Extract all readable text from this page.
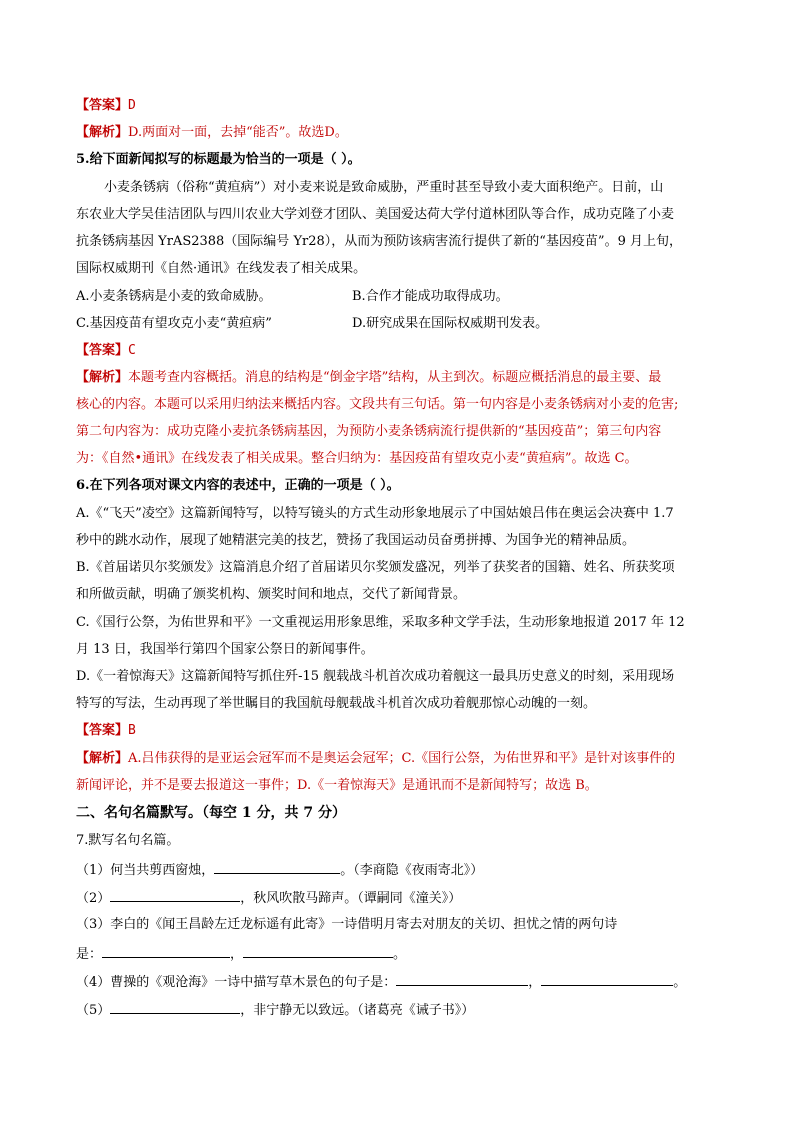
【答案】D
【解析】D.两面对一面，去掉“能否”。故选D。
5.给下面新闻拟写的标题最为恰当的一项是（ ）。
小麦条锈病（俗称“黄疸病”）对小麦来说是致命威胁，严重时甚至导致小麦大面积绝产。日前，山
东农业大学吴佳洁团队与四川农业大学刘登才团队、美国爱达荷大学付道林团队等合作，成功克隆了小麦
抗条锈病基因 YrAS2388（国际编号 Yr28），从而为预防该病害流行提供了新的“基因疫苗”。9 月上旬，
国际权威期刊《自然·通讯》在线发表了相关成果。
A.小麦条锈病是小麦的致命威胁。	B.合作才能成功取得成功。
C.基因疫苗有望攻克小麦“黄疸病”	D.研究成果在国际权威期刊发表。
【答案】C
【解析】本题考查内容概括。消息的结构是“倒金字塔”结构，从主到次。标题应概括消息的最主要、最
核心的内容。本题可以采用归纳法来概括内容。文段共有三句话。第一句内容是小麦条锈病对小麦的危害;
第二句内容为：成功克隆小麦抗条锈病基因，为预防小麦条锈病流行提供新的“基因疫苗”；第三句内容
为：《自然•通讯》在线发表了相关成果。整合归纳为：基因疫苗有望攻克小麦“黄疸病”。故选 C。
6.在下列各项对课文内容的表述中，正确的一项是（ ）。
A.《“飞天”凌空》这篇新闻特写，以特写镜头的方式生动形象地展示了中国姑娘吕伟在奥运会决赛中 1.7
秒中的跳水动作，展现了她精湛完美的技艺，赞扬了我国运动员奋勇拼搏、为国争光的精神品质。
B.《首届诺贝尔奖颁发》这篇消息介绍了首届诺贝尔奖颁发盛况，列举了获奖者的国籍、姓名、所获奖项
和所做贡献，明确了颁奖机构、颁奖时间和地点，交代了新闻背景。
C.《国行公祭，为佑世界和平》一文重视运用形象思维，采取多种文学手法，生动形象地报道 2017 年 12
月 13 日，我国举行第四个国家公祭日的新闻事件。
D.《一着惊海天》这篇新闻特写抓住歼-15 舰载战斗机首次成功着舰这一最具历史意义的时刻，采用现场
特写的写法，生动再现了举世瞩目的我国航母舰载战斗机首次成功着舰那惊心动魄的一刻。
【答案】B
【解析】A.吕伟获得的是亚运会冠军而不是奥运会冠军；C.《国行公祭，为佑世界和平》是针对该事件的
新闻评论，并不是要去报道这一事件；D.《一着惊海天》是通讯而不是新闻特写；故选 B。
二、名句名篇默写。（每空 1 分，共 7 分）
7.默写名句名篇。
（1）何当共剪西窗烛，	。（李商隐《夜雨寄北》）
（2）	，秋风吹散马蹄声。（谭嗣同《潼关》）
（3）李白的《闻王昌龄左迁龙标遥有此寄》一诗借明月寄去对朋友的关切、担忧之情的两句诗
是：	，	。
（4）曹操的《观沧海》一诗中描写草木景色的句子是：	，	。
（5）	，非宁静无以致远。（诸葛亮《诫子书》）
